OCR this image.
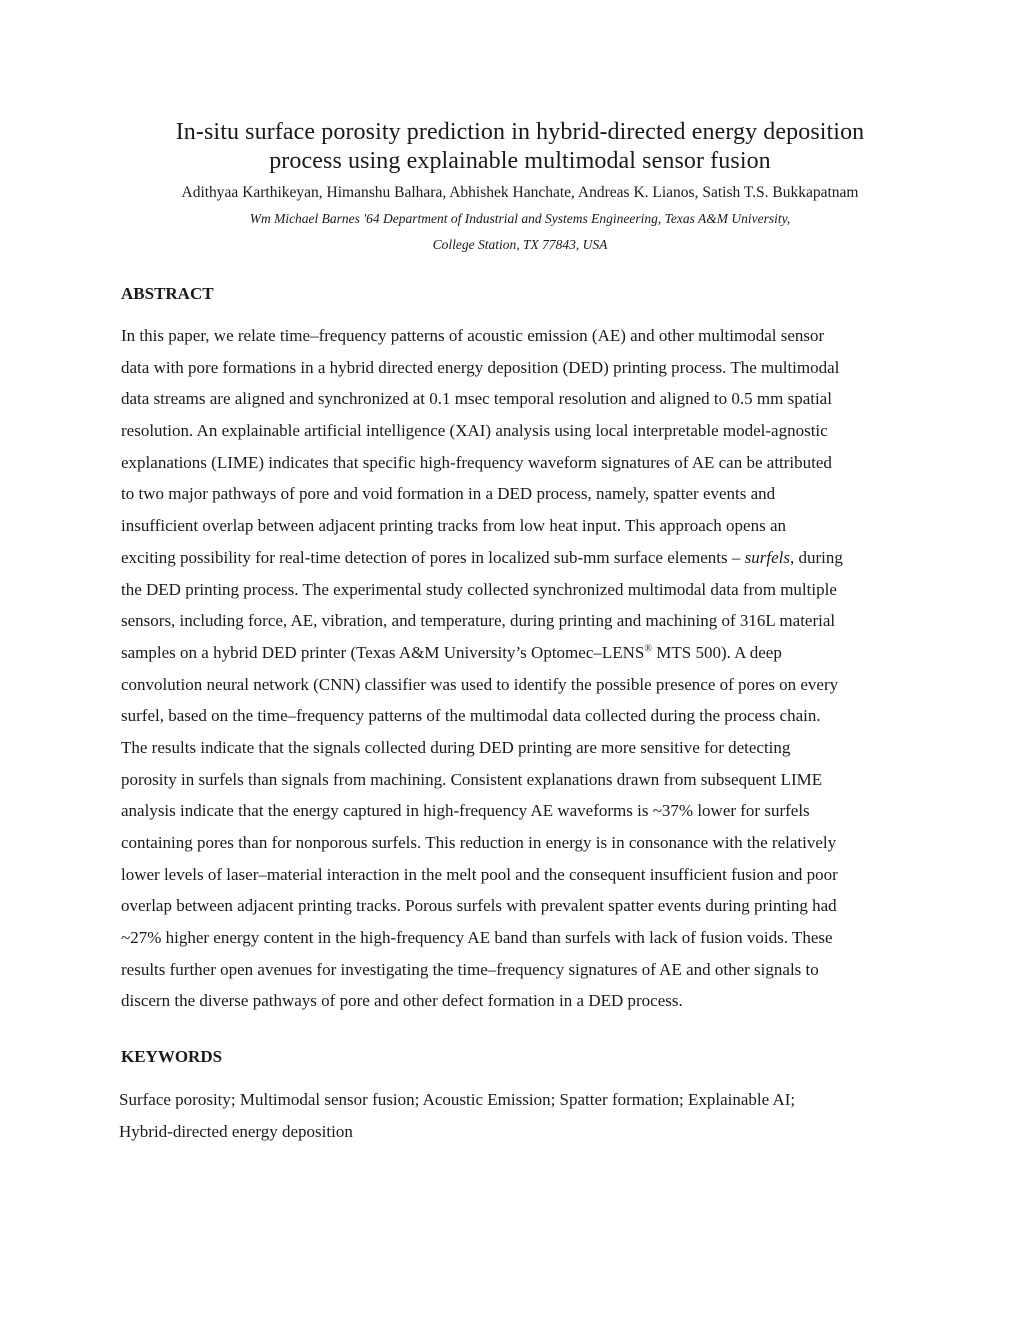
In-situ surface porosity prediction in hybrid-directed energy deposition
process using explainable multimodal sensor fusion
Adithyaa Karthikeyan, Himanshu Balhara, Abhishek Hanchate, Andreas K. Lianos, Satish T.S. Bukkapatnam
Wm Michael Barnes '64 Department of Industrial and Systems Engineering, Texas A&M University,
College Station, TX 77843, USA
ABSTRACT
In this paper, we relate time–frequency patterns of acoustic emission (AE) and other multimodal sensor
data with pore formations in a hybrid directed energy deposition (DED) printing process. The multimodal
data streams are aligned and synchronized at 0.1 msec temporal resolution and aligned to 0.5 mm spatial
resolution. An explainable artificial intelligence (XAI) analysis using local interpretable model-agnostic
explanations (LIME) indicates that specific high-frequency waveform signatures of AE can be attributed
to two major pathways of pore and void formation in a DED process, namely, spatter events and
insufficient overlap between adjacent printing tracks from low heat input. This approach opens an
exciting possibility for real-time detection of pores in localized sub-mm surface elements – surfels, during
the DED printing process. The experimental study collected synchronized multimodal data from multiple
sensors, including force, AE, vibration, and temperature, during printing and machining of 316L material
samples on a hybrid DED printer (Texas A&M University’s Optomec–LENS® MTS 500). A deep
convolution neural network (CNN) classifier was used to identify the possible presence of pores on every
surfel, based on the time–frequency patterns of the multimodal data collected during the process chain.
The results indicate that the signals collected during DED printing are more sensitive for detecting
porosity in surfels than signals from machining. Consistent explanations drawn from subsequent LIME
analysis indicate that the energy captured in high-frequency AE waveforms is ~37% lower for surfels
containing pores than for nonporous surfels. This reduction in energy is in consonance with the relatively
lower levels of laser–material interaction in the melt pool and the consequent insufficient fusion and poor
overlap between adjacent printing tracks. Porous surfels with prevalent spatter events during printing had
~27% higher energy content in the high-frequency AE band than surfels with lack of fusion voids. These
results further open avenues for investigating the time–frequency signatures of AE and other signals to
discern the diverse pathways of pore and other defect formation in a DED process.
KEYWORDS
Surface porosity; Multimodal sensor fusion; Acoustic Emission; Spatter formation; Explainable AI;
Hybrid-directed energy deposition
